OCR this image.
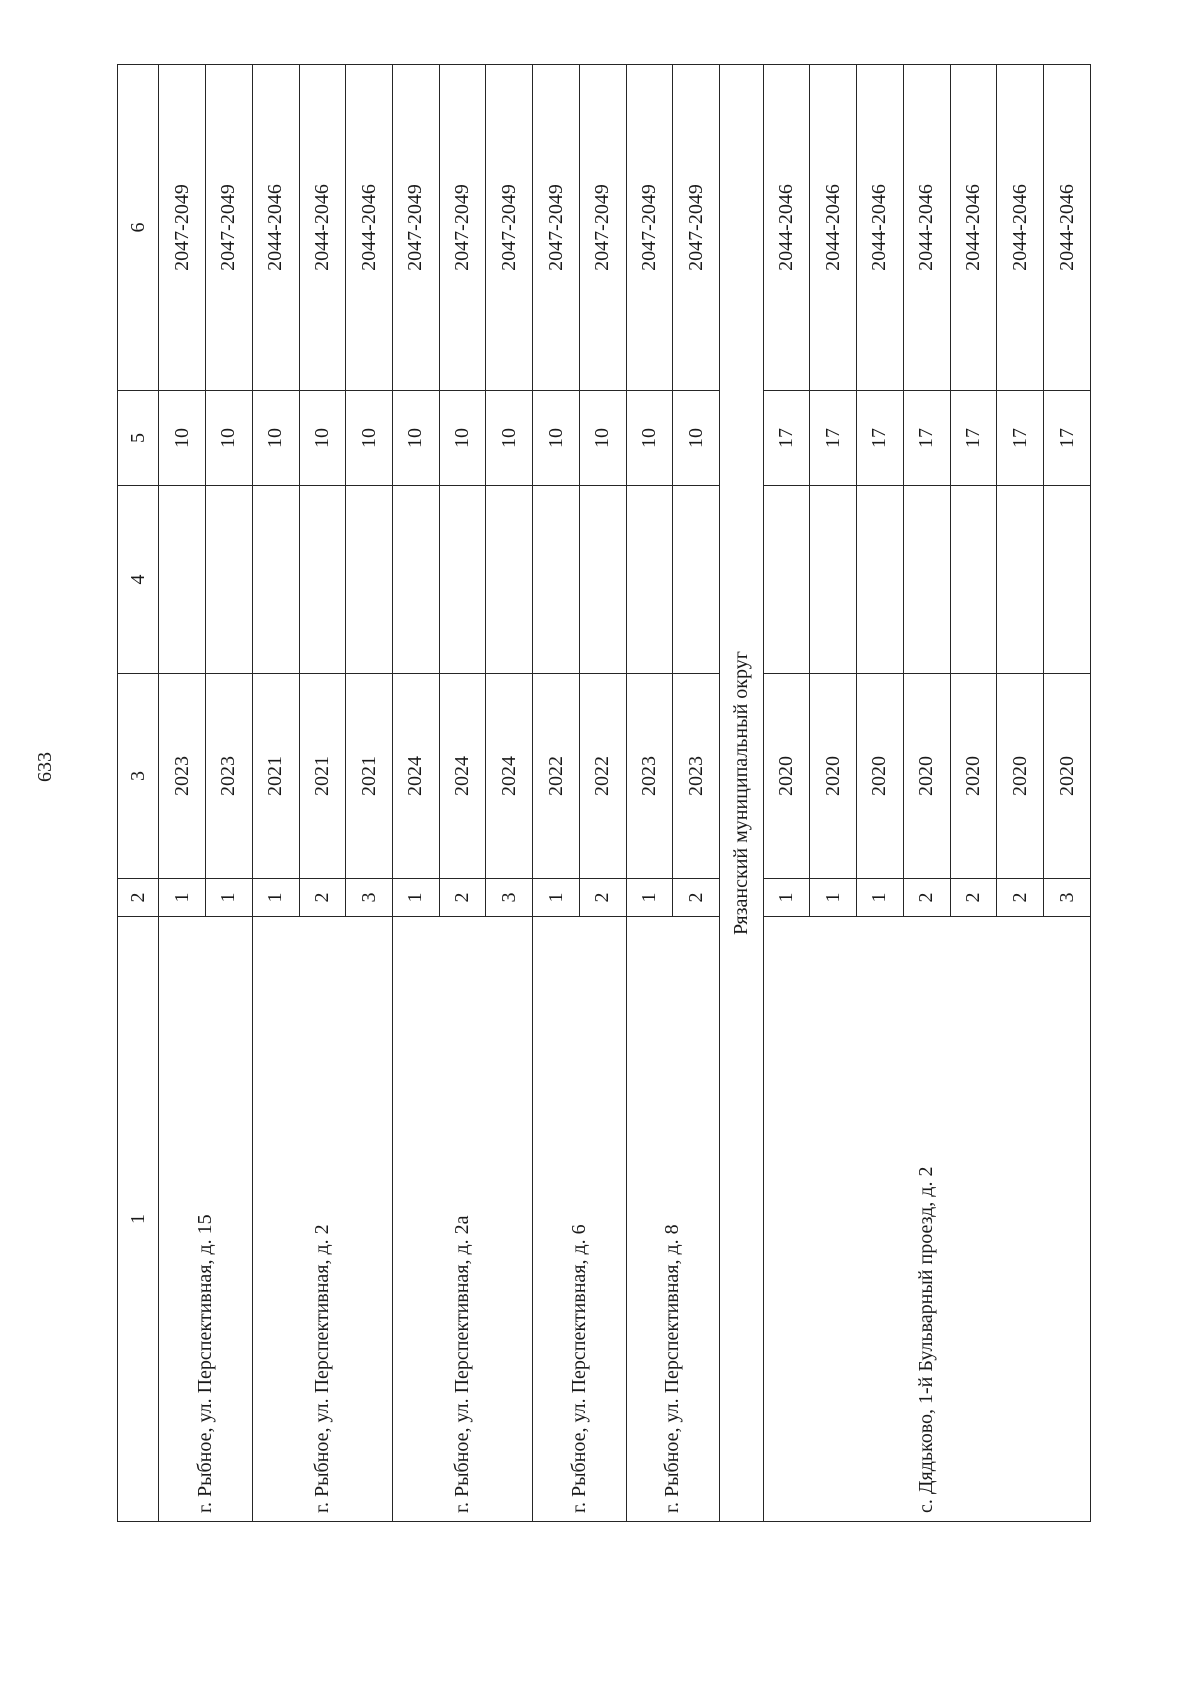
633
1	2	3	4	5	6
г. Рыбное, ул. Перспективная, д. 15	1	2023		10	2047-2049
	1	2023		10	2047-2049
г. Рыбное, ул. Перспективная, д. 2	1	2021		10	2044-2046
	2	2021		10	2044-2046
	3	2021		10	2044-2046
г. Рыбное, ул. Перспективная, д. 2а	1	2024		10	2047-2049
	2	2024		10	2047-2049
	3	2024		10	2047-2049
г. Рыбное, ул. Перспективная, д. 6	1	2022		10	2047-2049
	2	2022		10	2047-2049
г. Рыбное, ул. Перспективная, д. 8	1	2023		10	2047-2049
	2	2023		10	2047-2049
Рязанский муниципальный округ					
с. Дядьково, 1-й Бульварный проезд, д. 2	1	2020		17	2044-2046
	1	2020		17	2044-2046
	1	2020		17	2044-2046
	2	2020		17	2044-2046
	2	2020		17	2044-2046
	2	2020		17	2044-2046
	3	2020		17	2044-2046
